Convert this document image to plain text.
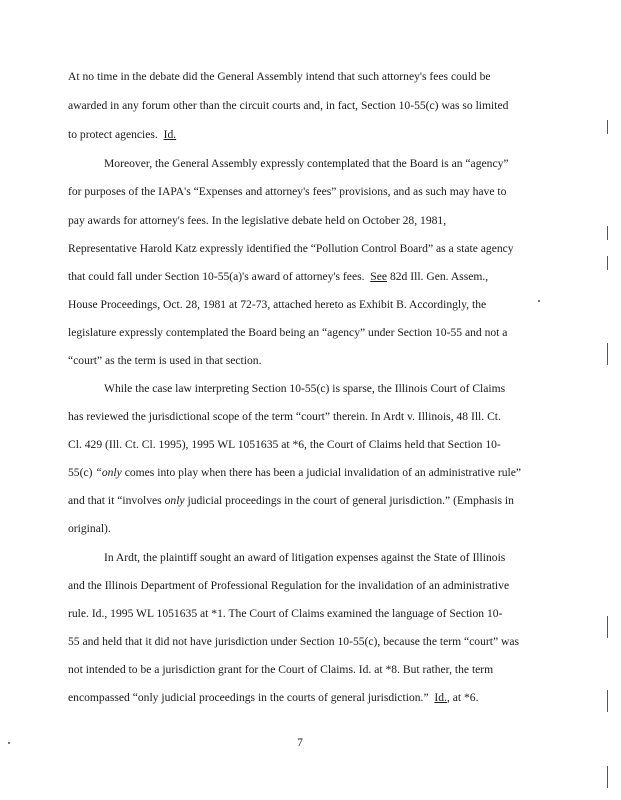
At no time in the debate did the General Assembly intend that such attorney's fees could be
awarded in any forum other than the circuit courts and, in fact, Section 10-55(c) was so limited
to protect agencies. Id.
Moreover, the General Assembly expressly contemplated that the Board is an “agency”
for purposes of the IAPA's “Expenses and attorney's fees” provisions, and as such may have to
pay awards for attorney's fees. In the legislative debate held on October 28, 1981,
Representative Harold Katz expressly identified the “Pollution Control Board” as a state agency
that could fall under Section 10-55(a)'s award of attorney's fees. See 82d Ill. Gen. Assem.,
House Proceedings, Oct. 28, 1981 at 72-73, attached hereto as Exhibit B. Accordingly, the
legislature expressly contemplated the Board being an “agency” under Section 10-55 and not a
“court” as the term is used in that section.
While the case law interpreting Section 10-55(c) is sparse, the Illinois Court of Claims
has reviewed the jurisdictional scope of the term “court” therein. In Ardt v. Illinois, 48 Ill. Ct.
Cl. 429 (Ill. Ct. Cl. 1995), 1995 WL 1051635 at *6, the Court of Claims held that Section 10-
55(c) “only comes into play when there has been a judicial invalidation of an administrative rule”
and that it “involves only judicial proceedings in the court of general jurisdiction.” (Emphasis in
original).
In Ardt, the plaintiff sought an award of litigation expenses against the State of Illinois
and the Illinois Department of Professional Regulation for the invalidation of an administrative
rule. Id., 1995 WL 1051635 at *1. The Court of Claims examined the language of Section 10-
55 and held that it did not have jurisdiction under Section 10-55(c), because the term “court” was
not intended to be a jurisdiction grant for the Court of Claims. Id. at *8. But rather, the term
encompassed “only judicial proceedings in the courts of general jurisdiction.” Id., at *6.
7
